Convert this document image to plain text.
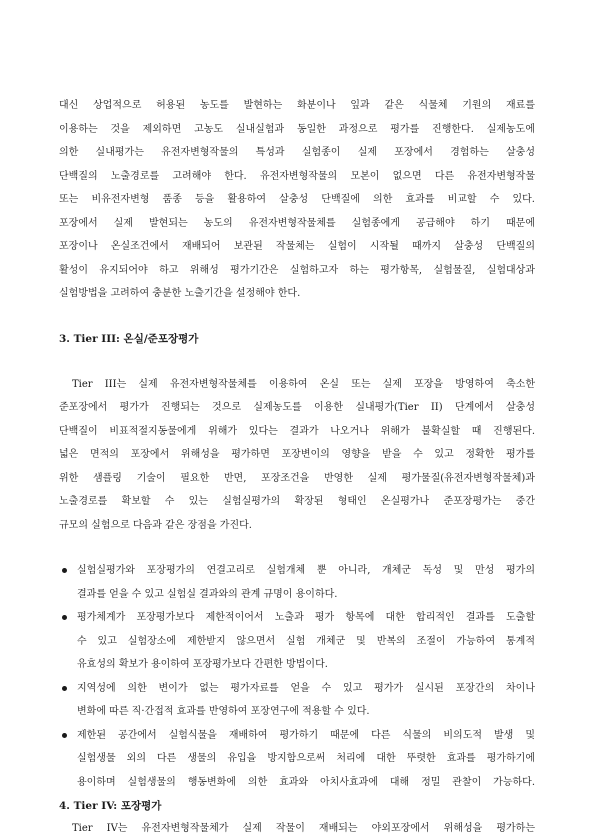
대신 상업적으로 허용된 농도를 발현하는 화분이나 잎과 같은 식물체 기원의 재료를
이용하는 것을 제외하면 고농도 실내실험과 동일한 과정으로 평가를 진행한다. 실제농도에
의한 실내평가는 유전자변형작물의 특성과 실험종이 실제 포장에서 경험하는 살충성
단백질의 노출경로를 고려해야 한다. 유전자변형작물의 모본이 없으면 다른 유전자변형작물
또는 비유전자변형 품종 등을 활용하여 살충성 단백질에 의한 효과를 비교할 수 있다.
포장에서 실제 발현되는 농도의 유전자변형작물체를 실험종에게 공급해야 하기 때문에
포장이나 온실조건에서 재배되어 보관된 작물체는 실험이 시작될 때까지 살충성 단백질의
활성이 유지되어야 하고 위해성 평가기간은 실험하고자 하는 평가항목, 실험물질, 실험대상과
실험방법을 고려하여 충분한 노출기간을 설정해야 한다.
3. Tier III: 온실/준포장평가
Tier III는 실제 유전자변형작물체를 이용하여 온실 또는 실제 포장을 방영하여 축소한
준포장에서 평가가 진행되는 것으로 실제농도를 이용한 실내평가(Tier II) 단계에서 살충성
단백질이 비표적절지동물에게 위해가 있다는 결과가 나오거나 위해가 불확실할 때 진행된다.
넓은 면적의 포장에서 위해성을 평가하면 포장변이의 영향을 받을 수 있고 정확한 평가를
위한 샘플링 기술이 필요한 반면, 포장조건을 반영한 실제 평가물질(유전자변형작물체)과
노출경로를 확보할 수 있는 실험실평가의 확장된 형태인 온실평가나 준포장평가는 중간
규모의 실험으로 다음과 같은 장점을 가진다.
실험실평가와 포장평가의 연결고리로 실험개체 뿐 아니라, 개체군 독성 및 만성 평가의
결과를 얻을 수 있고 실험실 결과와의 관계 규명이 용이하다.
평가체계가 포장평가보다 제한적이어서 노출과 평가 항목에 대한 합리적인 결과를 도출할
수 있고 실험장소에 제한받지 않으면서 실험 개체군 및 반복의 조절이 가능하여 통계적
유효성의 확보가 용이하여 포장평가보다 간편한 방법이다.
지역성에 의한 변이가 없는 평가자료를 얻을 수 있고 평가가 실시된 포장간의 차이나
변화에 따른 직·간접적 효과를 반영하여 포장연구에 적용할 수 있다.
제한된 공간에서 실험식물을 재배하여 평가하기 때문에 다른 식물의 비의도적 발생 및
실험생물 외의 다른 생물의 유입을 방지함으로써 처리에 대한 뚜렷한 효과를 평가하기에
용이하며 실험생물의 행동변화에 의한 효과와 아치사효과에 대해 정밀 관찰이 가능하다.
4. Tier IV: 포장평가
Tier IV는 유전자변형작물체가 실제 작물이 재배되는 야외포장에서 위해성을 평가하는
